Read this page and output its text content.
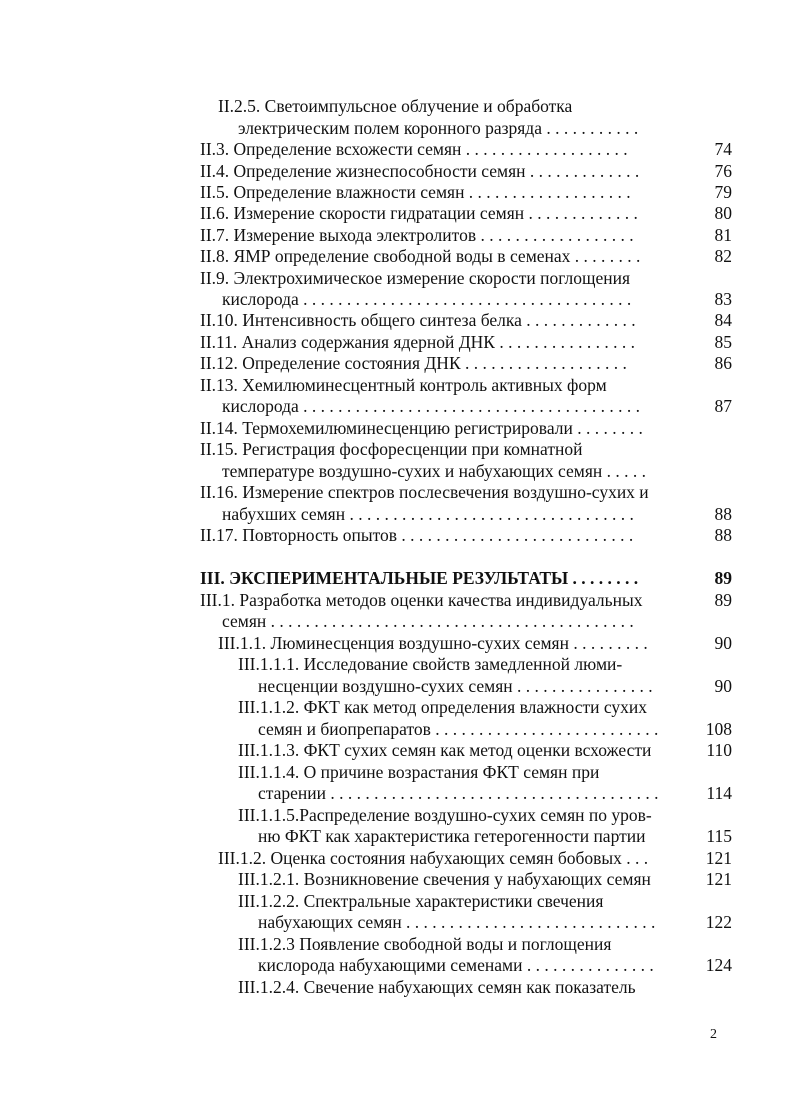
II.2.5. Светоимпульсное облучение и обработка
электрическим полем коронного разряда . . . . . . . . . . .
II.3. Определение всхожести семян . . . . . . . . . . . . . . . . . . .	74
II.4. Определение жизнеспособности семян . . . . . . . . . . . . .	76
II.5. Определение влажности семян . . . . . . . . . . . . . . . . . . .	79
II.6. Измерение скорости гидратации семян . . . . . . . . . . . . .	80
II.7. Измерение выхода электролитов . . . . . . . . . . . . . . . . . .	81
II.8. ЯМР определение свободной воды в семенах . . . . . . . .	82
II.9. Электрохимическое измерение скорости поглощения
кислорода . . . . . . . . . . . . . . . . . . . . . . . . . . . . . . . . . . . . . .	83
II.10. Интенсивность общего синтеза белка . . . . . . . . . . . . .	84
II.11. Анализ содержания ядерной ДНК . . . . . . . . . . . . . . . .	85
II.12. Определение состояния ДНК . . . . . . . . . . . . . . . . . . .	86
II.13. Хемилюминесцентный контроль активных форм
кислорода . . . . . . . . . . . . . . . . . . . . . . . . . . . . . . . . . . . . . . .	87
II.14. Термохемилюминесценцию регистрировали . . . . . . . .
II.15. Регистрация фосфоресценции при комнатной
температуре воздушно-сухих и набухающих семян . . . . .
II.16. Измерение спектров послесвечения воздушно-сухих и
набухших семян . . . . . . . . . . . . . . . . . . . . . . . . . . . . . . . . .	88
II.17. Повторность опытов . . . . . . . . . . . . . . . . . . . . . . . . . . .	88
III. ЭКСПЕРИМЕНТАЛЬНЫЕ РЕЗУЛЬТАТЫ . . . . . . . .	89
III.1. Разработка методов оценки качества индивидуальных	89
семян . . . . . . . . . . . . . . . . . . . . . . . . . . . . . . . . . . . . . . . . . .
III.1.1. Люминесценция воздушно-сухих семян . . . . . . . . .	90
III.1.1.1. Исследование свойств замедленной люми-
несценции воздушно-сухих семян . . . . . . . . . . . . . . . .	90
III.1.1.2. ФКТ как метод определения влажности сухих
семян и биопрепаратов . . . . . . . . . . . . . . . . . . . . . . . . . .	108
III.1.1.3. ФКТ сухих семян как метод оценки всхожести	110
III.1.1.4. О причине возрастания ФКТ семян при
старении . . . . . . . . . . . . . . . . . . . . . . . . . . . . . . . . . . . . . .	114
III.1.1.5.Распределение воздушно-сухих семян по уров-
ню ФКТ как характеристика гетерогенности партии	115
III.1.2. Оценка состояния набухающих семян бобовых . . .	121
III.1.2.1. Возникновение свечения у набухающих семян	121
III.1.2.2. Спектральные характеристики свечения
набухающих семян . . . . . . . . . . . . . . . . . . . . . . . . . . . . .	122
III.1.2.3 Появление свободной воды и поглощения
кислорода набухающими семенами . . . . . . . . . . . . . . .	124
III.1.2.4. Свечение набухающих семян как показатель
2
